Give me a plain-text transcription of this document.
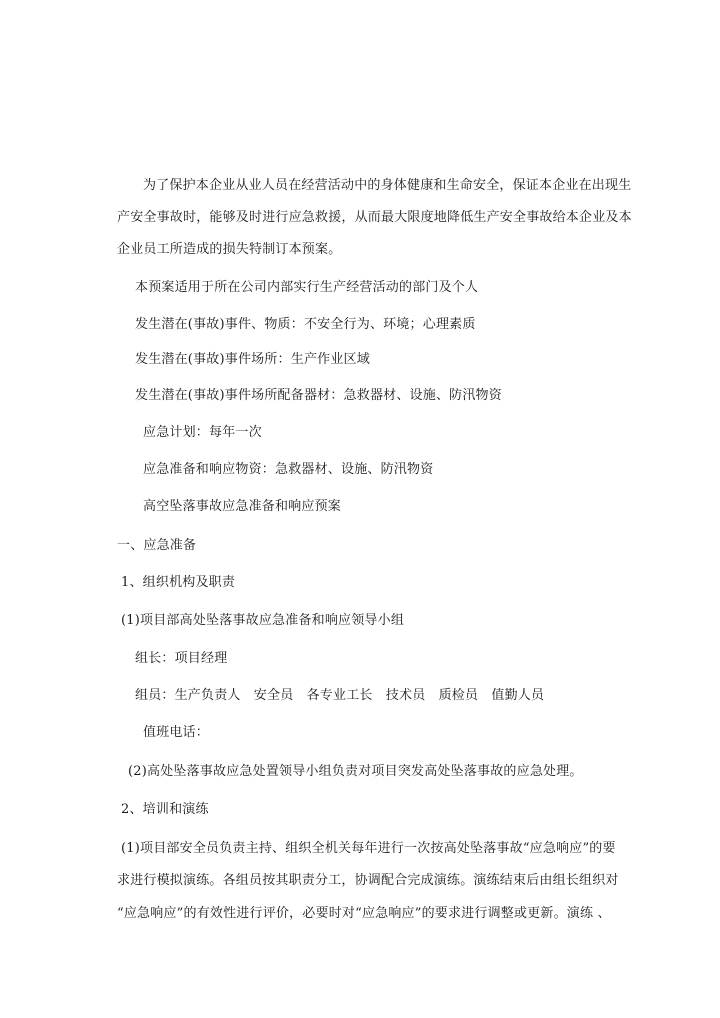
为了保护本企业从业人员在经营活动中的身体健康和生命安全，保证本企业在出现生
产安全事故时，能够及时进行应急救援，从而最大限度地降低生产安全事故给本企业及本
企业员工所造成的损失特制订本预案。
本预案适用于所在公司内部实行生产经营活动的部门及个人
发生潜在(事故)事件、物质：不安全行为、环境；心理素质
发生潜在(事故)事件场所：生产作业区域
发生潜在(事故)事件场所配备器材：急救器材、设施、防汛物资
应急计划：每年一次
应急准备和响应物资：急救器材、设施、防汛物资
高空坠落事故应急准备和响应预案
一、应急准备
1、组织机构及职责
(1)项目部高处坠落事故应急准备和响应领导小组
组长：项目经理
组员：生产负责人　安全员　各专业工长　技术员　质检员　值勤人员
值班电话：
(2)高处坠落事故应急处置领导小组负责对项目突发高处坠落事故的应急处理。
2、培训和演练
(1)项目部安全员负责主持、组织全机关每年进行一次按高处坠落事故“应急响应”的要
求进行模拟演练。各组员按其职责分工，协调配合完成演练。演练结束后由组长组织对
“应急响应”的有效性进行评价，必要时对“应急响应”的要求进行调整或更新。演练 、
